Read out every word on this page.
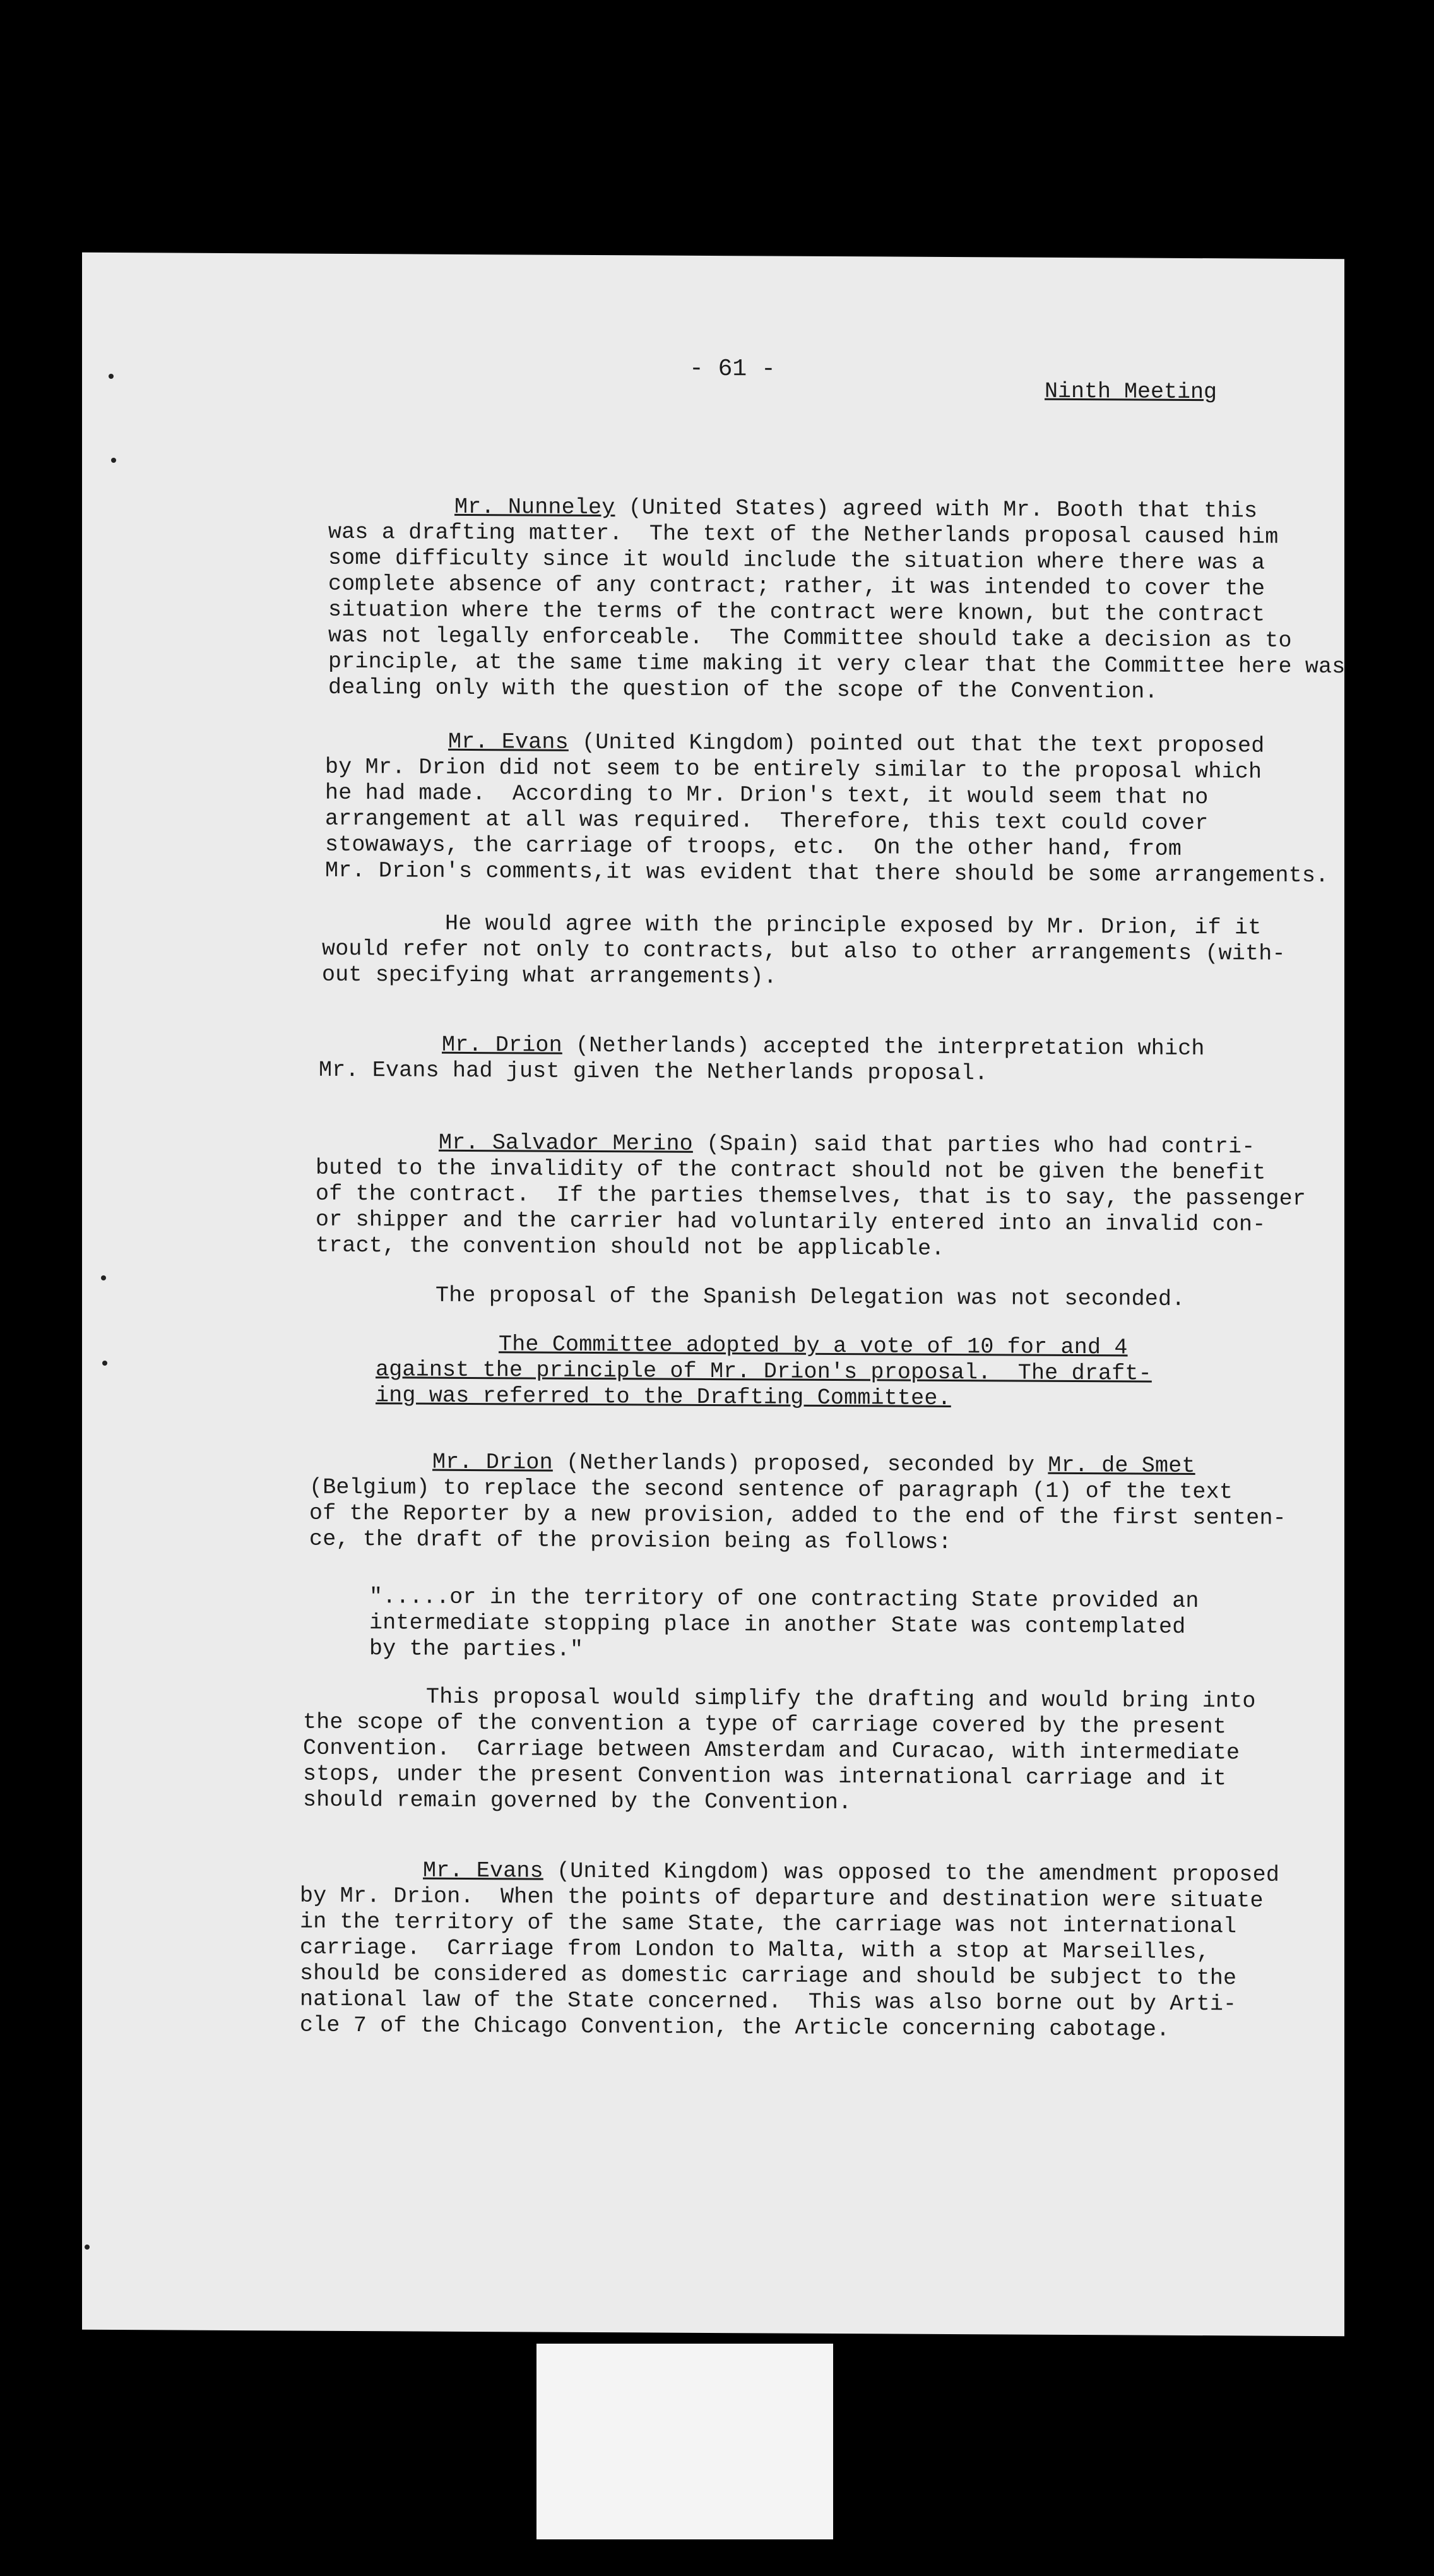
- 61 -
Ninth Meeting
Mr. Nunneley (United States) agreed with Mr. Booth that this
was a drafting matter.  The text of the Netherlands proposal caused him
some difficulty since it would include the situation where there was a
complete absence of any contract; rather, it was intended to cover the
situation where the terms of the contract were known, but the contract
was not legally enforceable.  The Committee should take a decision as to
principle, at the same time making it very clear that the Committee here was
dealing only with the question of the scope of the Convention.
Mr. Evans (United Kingdom) pointed out that the text proposed
by Mr. Drion did not seem to be entirely similar to the proposal which
he had made.  According to Mr. Drion's text, it would seem that no
arrangement at all was required.  Therefore, this text could cover
stowaways, the carriage of troops, etc.  On the other hand, from
Mr. Drion's comments,it was evident that there should be some arrangements.
He would agree with the principle exposed by Mr. Drion, if it
would refer not only to contracts, but also to other arrangements (with-
out specifying what arrangements).
Mr. Drion (Netherlands) accepted the interpretation which
Mr. Evans had just given the Netherlands proposal.
Mr. Salvador Merino (Spain) said that parties who had contri-
buted to the invalidity of the contract should not be given the benefit
of the contract.  If the parties themselves, that is to say, the passenger
or shipper and the carrier had voluntarily entered into an invalid con-
tract, the convention should not be applicable.
The proposal of the Spanish Delegation was not seconded.
The Committee adopted by a vote of 10 for and 4
against the principle of Mr. Drion's proposal.  The draft-
ing was referred to the Drafting Committee.
Mr. Drion (Netherlands) proposed, seconded by Mr. de Smet
(Belgium) to replace the second sentence of paragraph (1) of the text
of the Reporter by a new provision, added to the end of the first senten-
ce, the draft of the provision being as follows:
".....or in the territory of one contracting State provided an
intermediate stopping place in another State was contemplated
by the parties."
This proposal would simplify the drafting and would bring into
the scope of the convention a type of carriage covered by the present
Convention.  Carriage between Amsterdam and Curacao, with intermediate
stops, under the present Convention was international carriage and it
should remain governed by the Convention.
Mr. Evans (United Kingdom) was opposed to the amendment proposed
by Mr. Drion.  When the points of departure and destination were situate
in the territory of the same State, the carriage was not international
carriage.  Carriage from London to Malta, with a stop at Marseilles,
should be considered as domestic carriage and should be subject to the
national law of the State concerned.  This was also borne out by Arti-
cle 7 of the Chicago Convention, the Article concerning cabotage.
